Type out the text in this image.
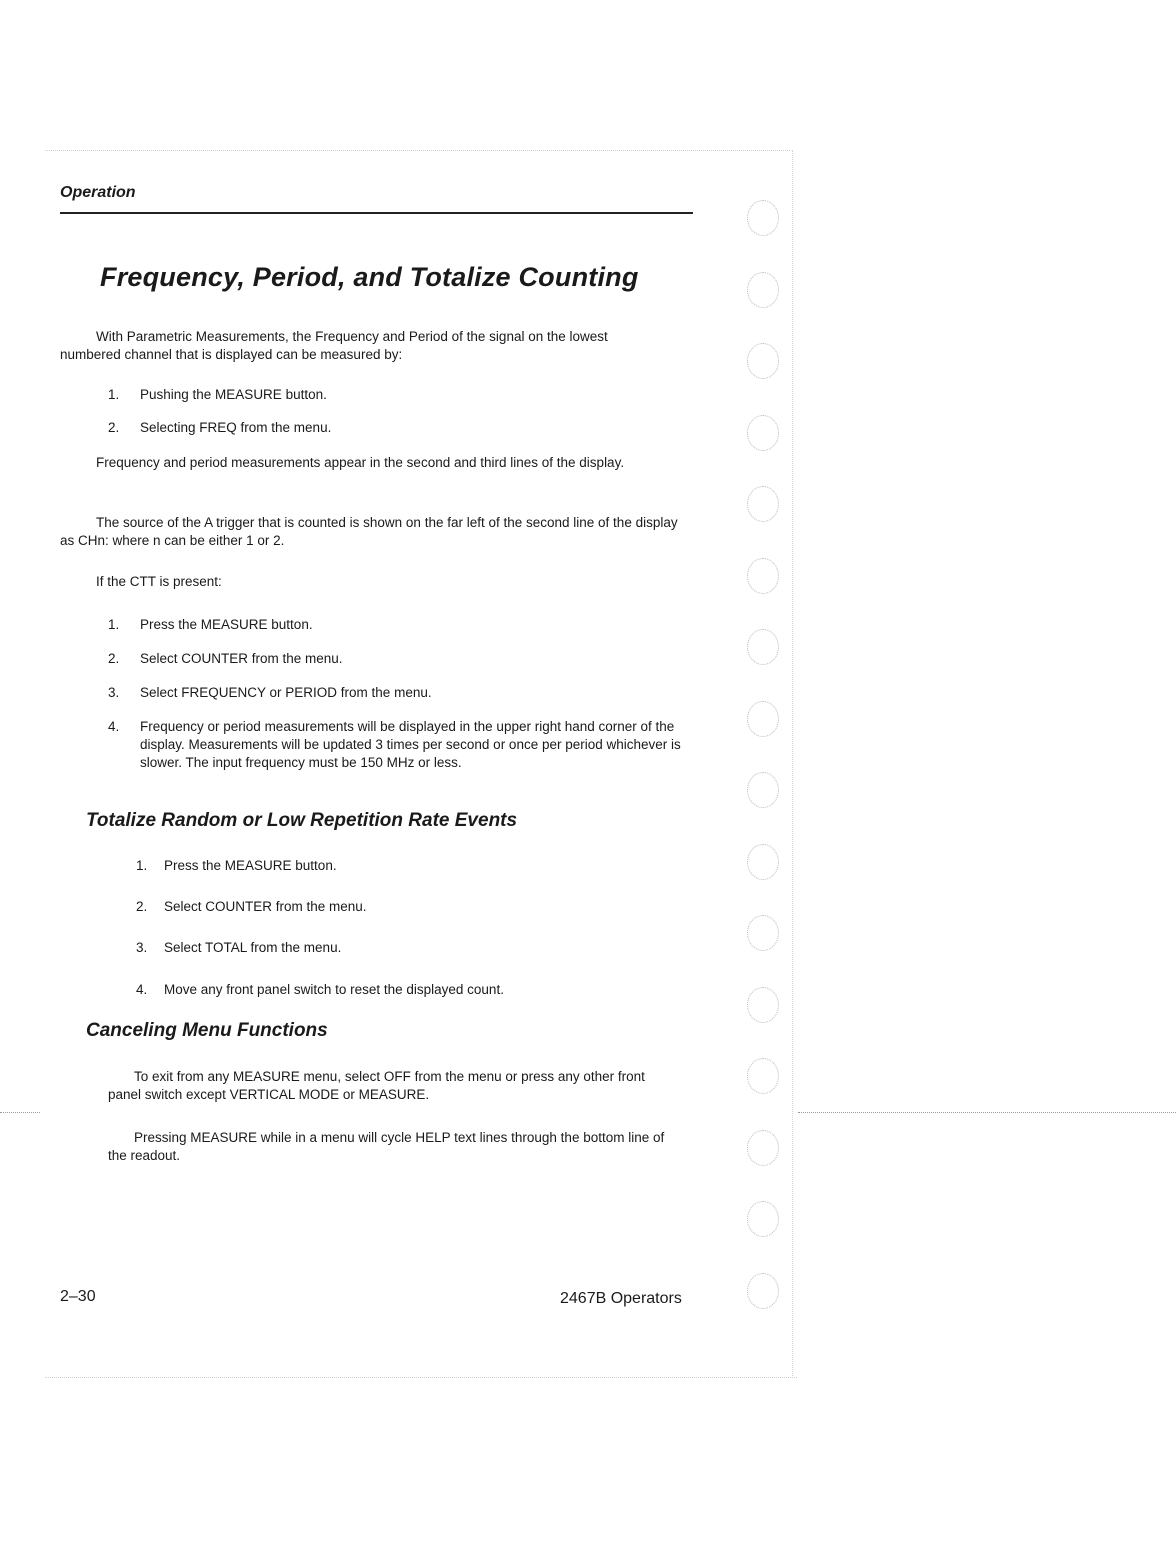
Operation
Frequency, Period, and Totalize Counting

With Parametric Measurements, the Frequency and Period of the signal on the lowest numbered channel that is displayed can be measured by:

1. Pushing the MEASURE button.
2. Selecting FREQ from the menu.

Frequency and period measurements appear in the second and third lines of the display.

The source of the A trigger that is counted is shown on the far left of the second line of the display as CHn: where n can be either 1 or 2.

If the CTT is present:

1. Press the MEASURE button.
2. Select COUNTER from the menu.
3. Select FREQUENCY or PERIOD from the menu.
4. Frequency or period measurements will be displayed in the upper right hand corner of the display. Measurements will be updated 3 times per second or once per period whichever is slower. The input frequency must be 150 MHz or less.
Totalize Random or Low Repetition Rate Events
1. Press the MEASURE button.
2. Select COUNTER from the menu.
3. Select TOTAL from the menu.
4. Move any front panel switch to reset the displayed count.
Canceling Menu Functions

To exit from any MEASURE menu, select OFF from the menu or press any other front panel switch except VERTICAL MODE or MEASURE.

Pressing MEASURE while in a menu will cycle HELP text lines through the bottom line of the readout.

2–30	2467B Operators
